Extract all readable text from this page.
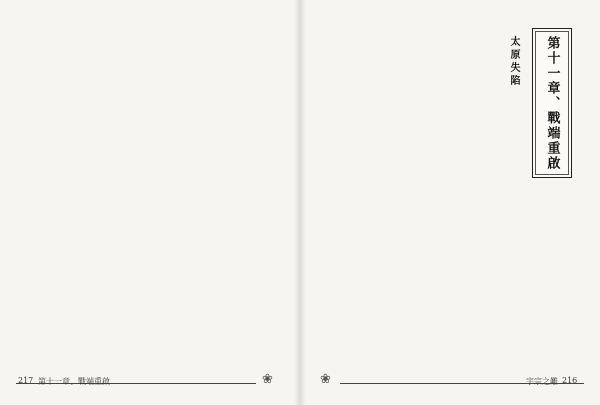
217 第十一章、戰端重啟	❀
太原失陷 第十一章、戰端重啟
❀	宇宗之難 216
